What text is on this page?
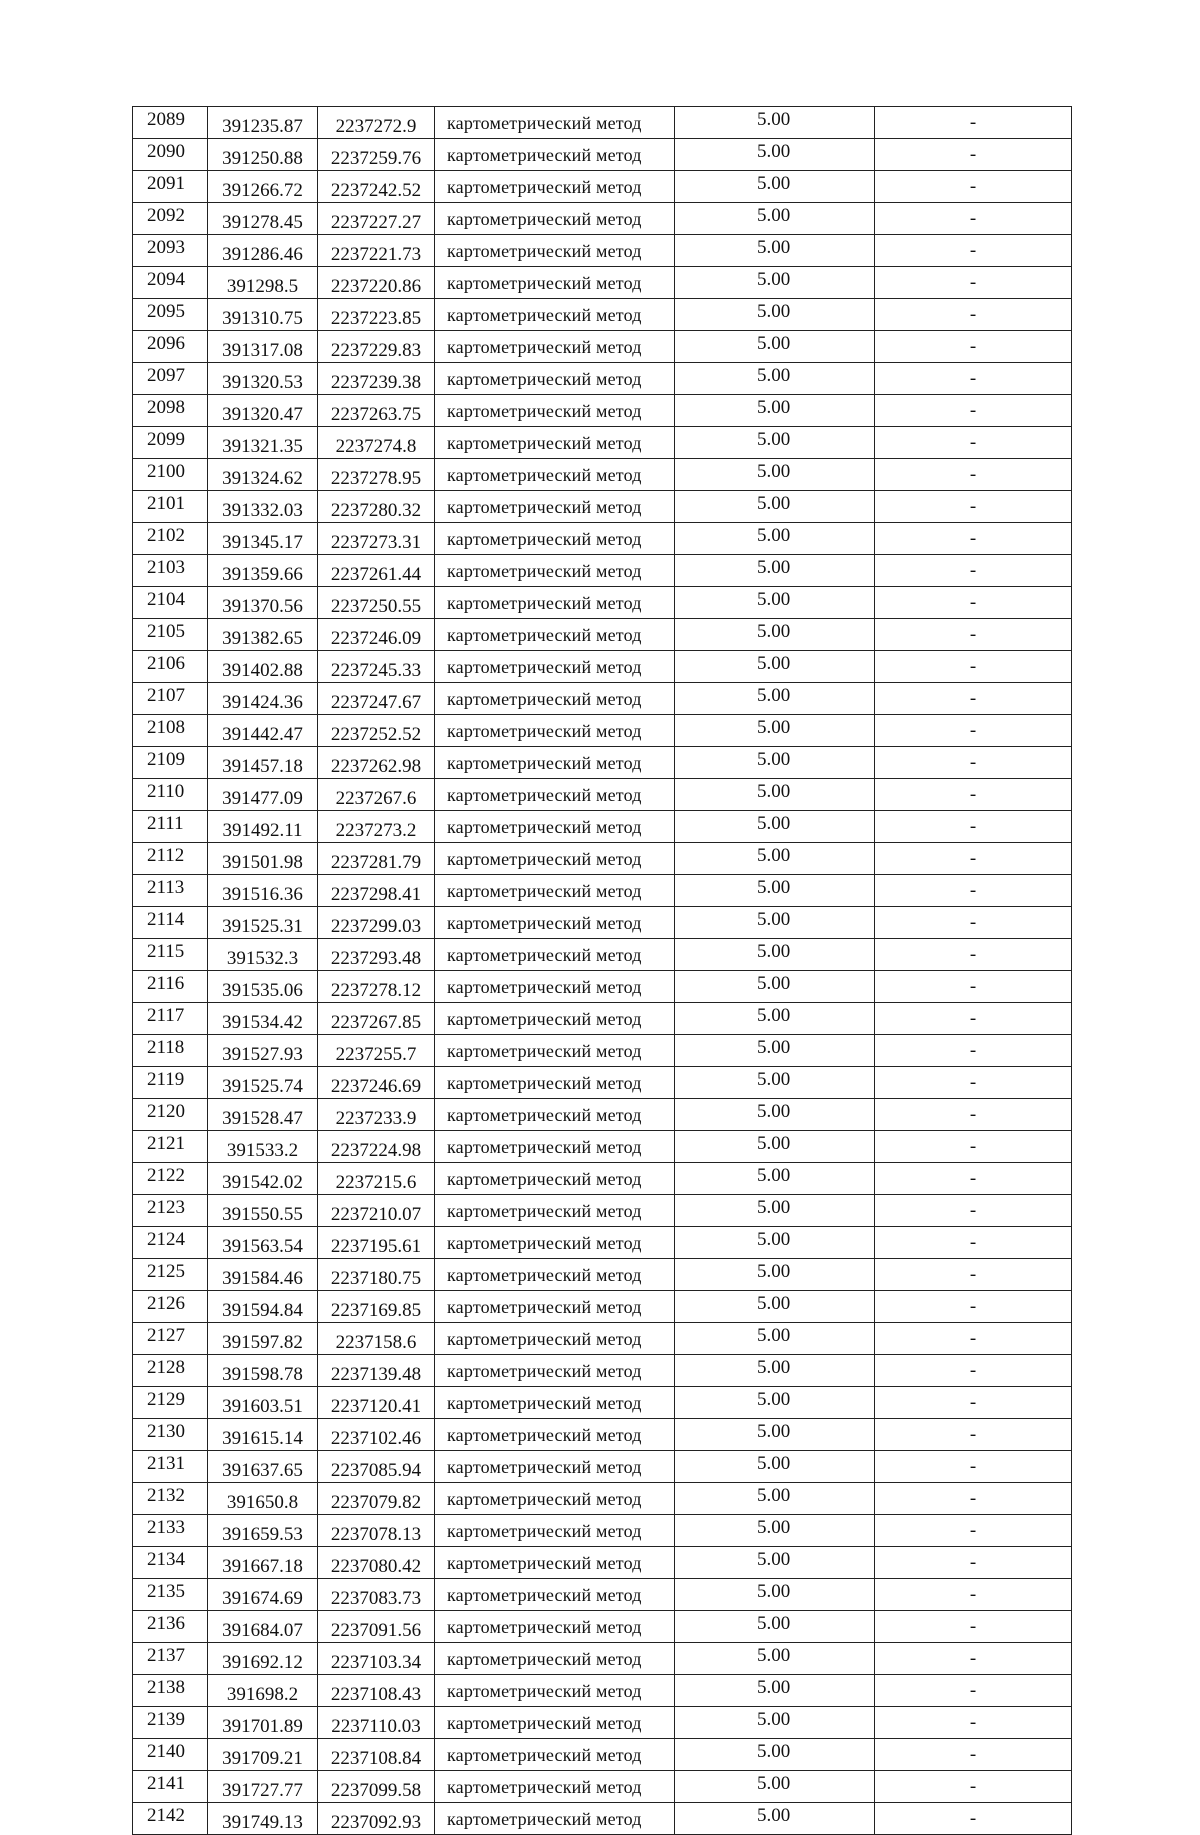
2089	391235.87	2237272.9	картометрический метод	5.00	-
2090	391250.88	2237259.76	картометрический метод	5.00	-
2091	391266.72	2237242.52	картометрический метод	5.00	-
2092	391278.45	2237227.27	картометрический метод	5.00	-
2093	391286.46	2237221.73	картометрический метод	5.00	-
2094	391298.5	2237220.86	картометрический метод	5.00	-
2095	391310.75	2237223.85	картометрический метод	5.00	-
2096	391317.08	2237229.83	картометрический метод	5.00	-
2097	391320.53	2237239.38	картометрический метод	5.00	-
2098	391320.47	2237263.75	картометрический метод	5.00	-
2099	391321.35	2237274.8	картометрический метод	5.00	-
2100	391324.62	2237278.95	картометрический метод	5.00	-
2101	391332.03	2237280.32	картометрический метод	5.00	-
2102	391345.17	2237273.31	картометрический метод	5.00	-
2103	391359.66	2237261.44	картометрический метод	5.00	-
2104	391370.56	2237250.55	картометрический метод	5.00	-
2105	391382.65	2237246.09	картометрический метод	5.00	-
2106	391402.88	2237245.33	картометрический метод	5.00	-
2107	391424.36	2237247.67	картометрический метод	5.00	-
2108	391442.47	2237252.52	картометрический метод	5.00	-
2109	391457.18	2237262.98	картометрический метод	5.00	-
2110	391477.09	2237267.6	картометрический метод	5.00	-
2111	391492.11	2237273.2	картометрический метод	5.00	-
2112	391501.98	2237281.79	картометрический метод	5.00	-
2113	391516.36	2237298.41	картометрический метод	5.00	-
2114	391525.31	2237299.03	картометрический метод	5.00	-
2115	391532.3	2237293.48	картометрический метод	5.00	-
2116	391535.06	2237278.12	картометрический метод	5.00	-
2117	391534.42	2237267.85	картометрический метод	5.00	-
2118	391527.93	2237255.7	картометрический метод	5.00	-
2119	391525.74	2237246.69	картометрический метод	5.00	-
2120	391528.47	2237233.9	картометрический метод	5.00	-
2121	391533.2	2237224.98	картометрический метод	5.00	-
2122	391542.02	2237215.6	картометрический метод	5.00	-
2123	391550.55	2237210.07	картометрический метод	5.00	-
2124	391563.54	2237195.61	картометрический метод	5.00	-
2125	391584.46	2237180.75	картометрический метод	5.00	-
2126	391594.84	2237169.85	картометрический метод	5.00	-
2127	391597.82	2237158.6	картометрический метод	5.00	-
2128	391598.78	2237139.48	картометрический метод	5.00	-
2129	391603.51	2237120.41	картометрический метод	5.00	-
2130	391615.14	2237102.46	картометрический метод	5.00	-
2131	391637.65	2237085.94	картометрический метод	5.00	-
2132	391650.8	2237079.82	картометрический метод	5.00	-
2133	391659.53	2237078.13	картометрический метод	5.00	-
2134	391667.18	2237080.42	картометрический метод	5.00	-
2135	391674.69	2237083.73	картометрический метод	5.00	-
2136	391684.07	2237091.56	картометрический метод	5.00	-
2137	391692.12	2237103.34	картометрический метод	5.00	-
2138	391698.2	2237108.43	картометрический метод	5.00	-
2139	391701.89	2237110.03	картометрический метод	5.00	-
2140	391709.21	2237108.84	картометрический метод	5.00	-
2141	391727.77	2237099.58	картометрический метод	5.00	-
2142	391749.13	2237092.93	картометрический метод	5.00	-
